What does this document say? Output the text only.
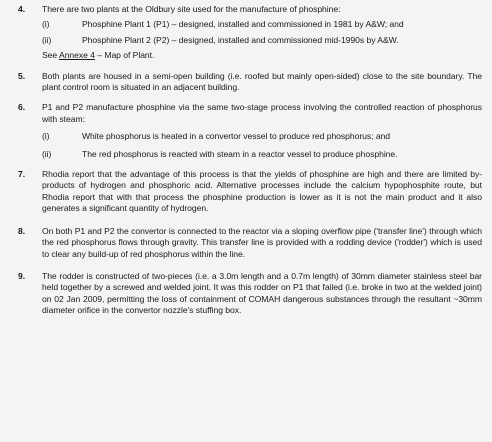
4.	There are two plants at the Oldbury site used for the manufacture of phosphine:
(i)	Phosphine Plant 1 (P1) – designed, installed and commissioned in 1981 by A&W; and
(ii)	Phosphine Plant 2 (P2) – designed, installed and commissioned mid-1990s by A&W.
See Annexe 4 – Map of Plant.
5.	Both plants are housed in a semi-open building (i.e. roofed but mainly open-sided) close to the site boundary. The plant control room is situated in an adjacent building.
6.	P1 and P2 manufacture phosphine via the same two-stage process involving the controlled reaction of phosphorus with steam:
(i)	White phosphorus is heated in a convertor vessel to produce red phosphorus; and
(ii)	The red phosphorus is reacted with steam in a reactor vessel to produce phosphine.
7.	Rhodia report that the advantage of this process is that the yields of phosphine are high and there are limited by-products of hydrogen and phosphoric acid. Alternative processes include the calcium hypophosphite route, but Rhodia report that with that process the phosphine production is lower as it is not the main product and it also generates a significant quantity of hydrogen.
8.	On both P1 and P2 the convertor is connected to the reactor via a sloping overflow pipe ('transfer line') through which the red phosphorus flows through gravity. This transfer line is provided with a rodding device ('rodder') which is used to clear any build-up of red phosphorus within the line.
9.	The rodder is constructed of two-pieces (i.e. a 3.0m length and a 0.7m length) of 30mm diameter stainless steel bar held together by a screwed and welded joint. It was this rodder on P1 that failed (i.e. broke in two at the welded joint) on 02 Jan 2009, permitting the loss of containment of COMAH dangerous substances through the resultant ~30mm diameter orifice in the convertor nozzle's stuffing box.
